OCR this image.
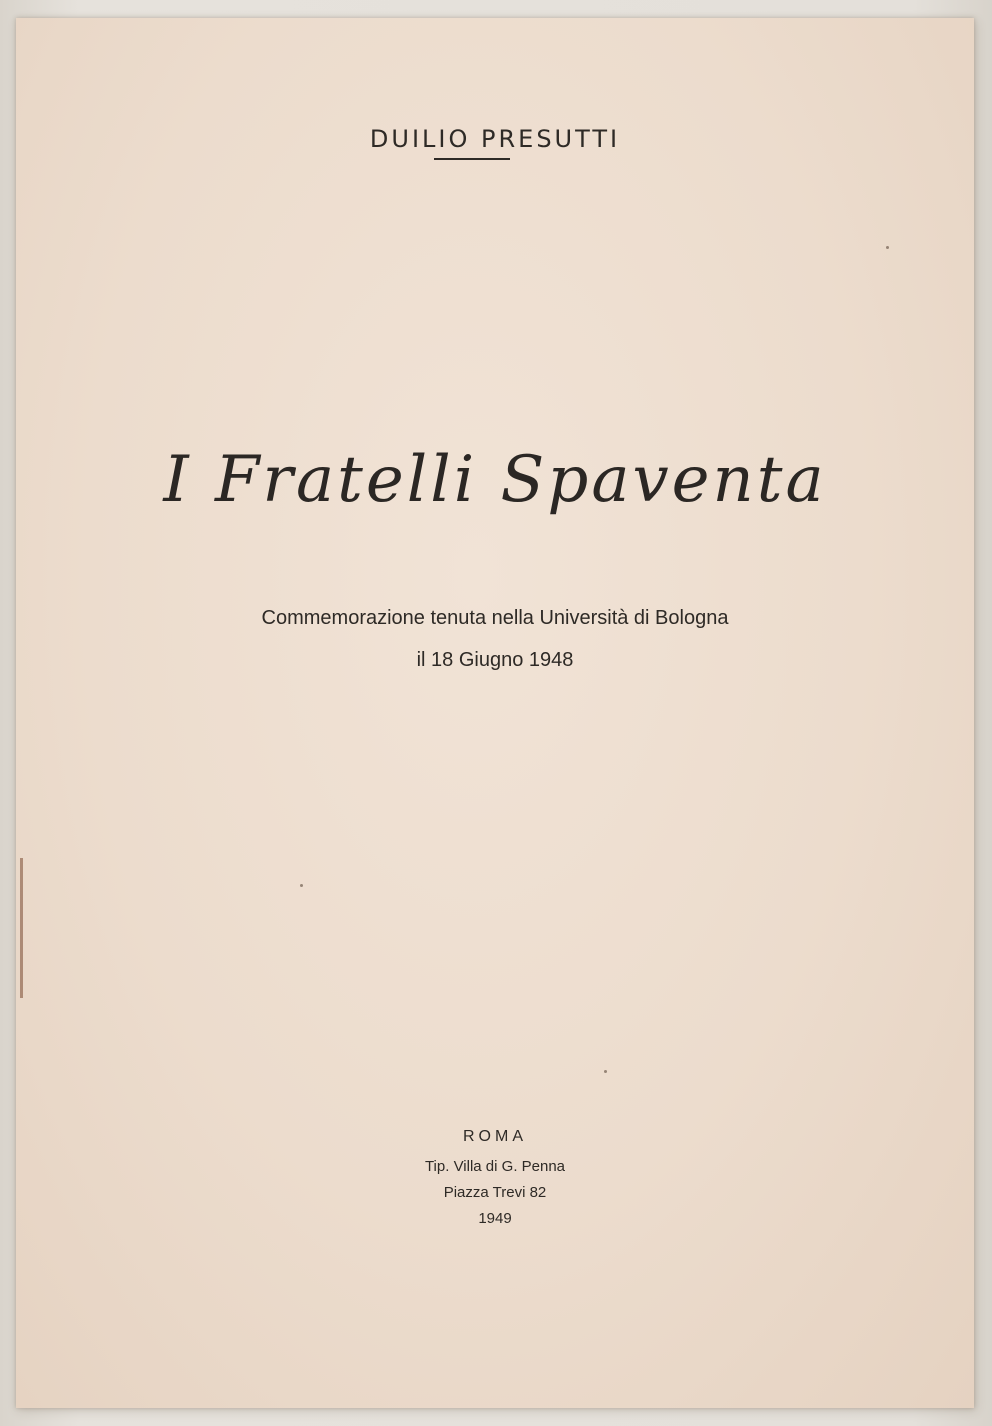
DUILIO PRESUTTI
I Fratelli Spaventa
Commemorazione tenuta nella Università di Bologna
il 18 Giugno 1948
ROMA
Tip. Villa di G. Penna
Piazza Trevi 82
1949
